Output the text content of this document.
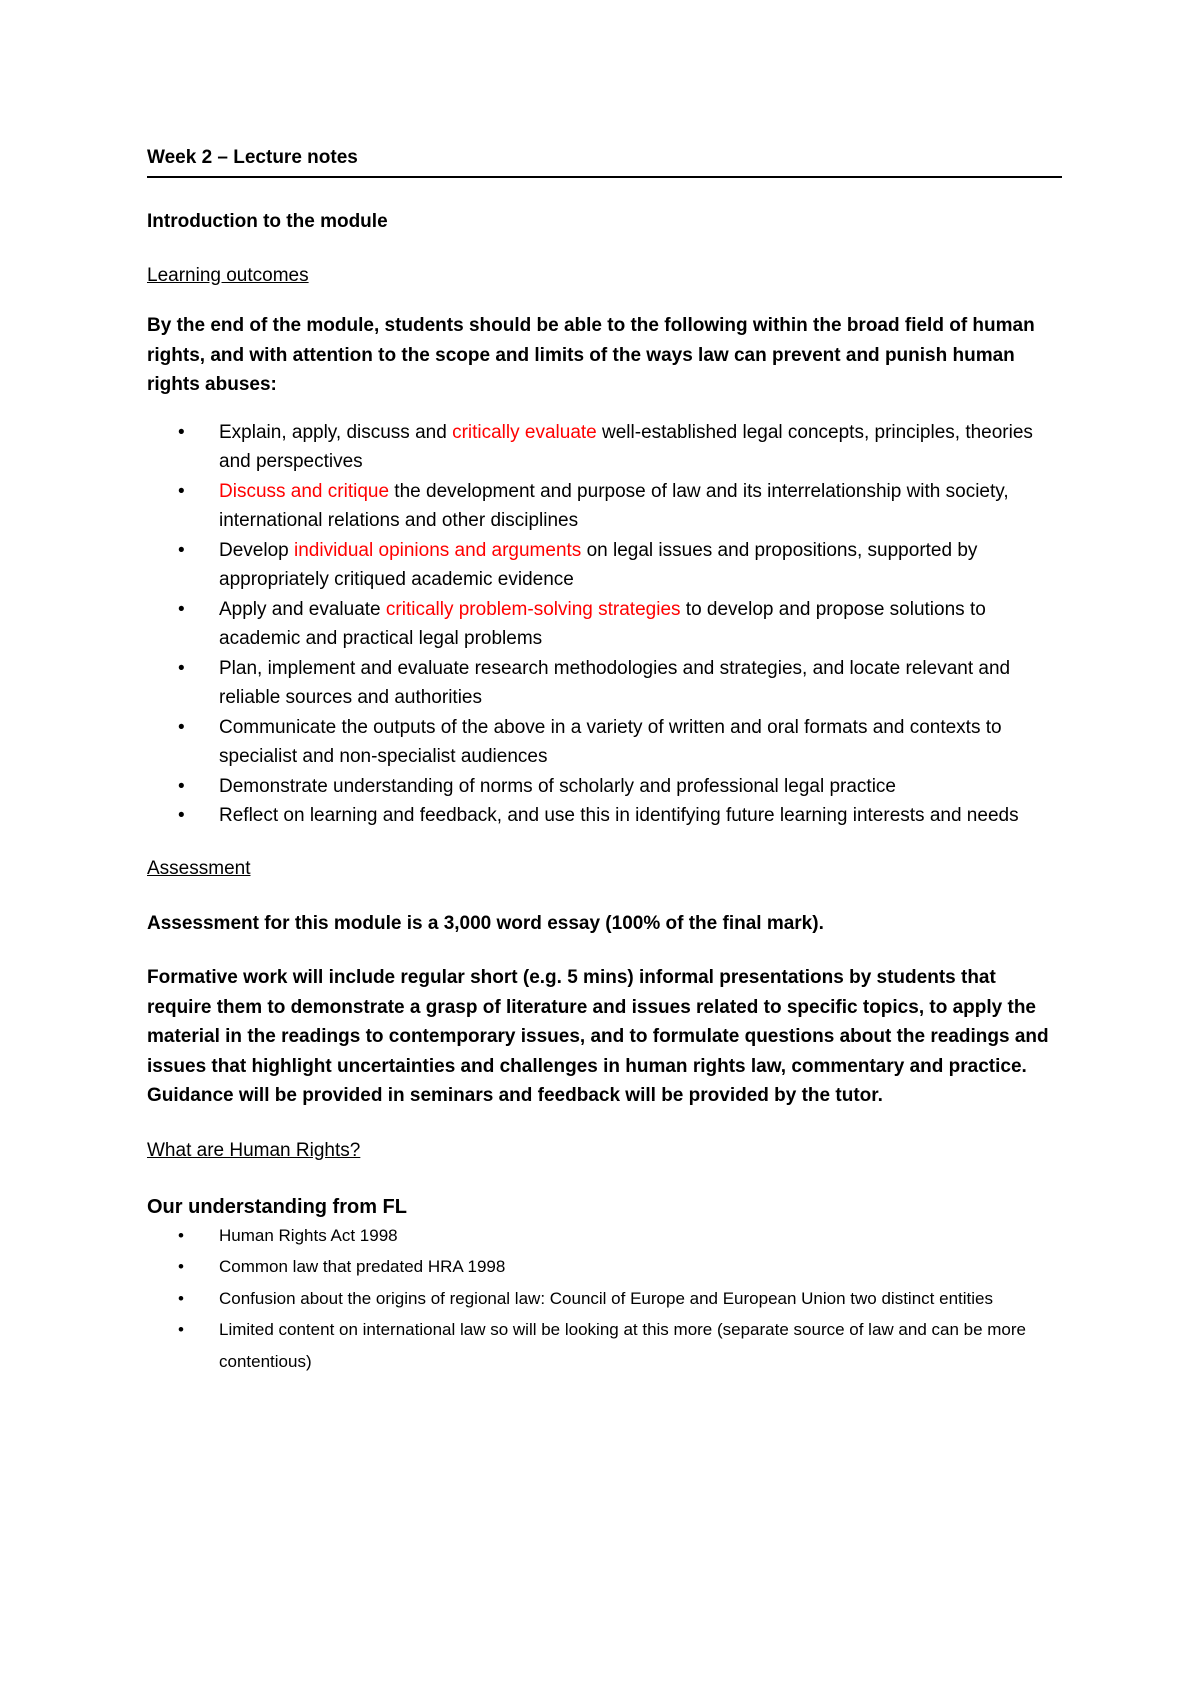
Week 2 – Lecture notes

Introduction to the module

Learning outcomes

By the end of the module, students should be able to the following within the broad field of human rights, and with attention to the scope and limits of the ways law can prevent and punish human rights abuses:

• Explain, apply, discuss and critically evaluate well-established legal concepts, principles, theories and perspectives
• Discuss and critique the development and purpose of law and its interrelationship with society, international relations and other disciplines
• Develop individual opinions and arguments on legal issues and propositions, supported by appropriately critiqued academic evidence
• Apply and evaluate critically problem-solving strategies to develop and propose solutions to academic and practical legal problems
• Plan, implement and evaluate research methodologies and strategies, and locate relevant and reliable sources and authorities
• Communicate the outputs of the above in a variety of written and oral formats and contexts to specialist and non-specialist audiences
• Demonstrate understanding of norms of scholarly and professional legal practice
• Reflect on learning and feedback, and use this in identifying future learning interests and needs

Assessment

Assessment for this module is a 3,000 word essay (100% of the final mark).

Formative work will include regular short (e.g. 5 mins) informal presentations by students that require them to demonstrate a grasp of literature and issues related to specific topics, to apply the material in the readings to contemporary issues, and to formulate questions about the readings and issues that highlight uncertainties and challenges in human rights law, commentary and practice. Guidance will be provided in seminars and feedback will be provided by the tutor.

What are Human Rights?

Our understanding from FL

• Human Rights Act 1998
• Common law that predated HRA 1998
• Confusion about the origins of regional law: Council of Europe and European Union two distinct entities
• Limited content on international law so will be looking at this more (separate source of law and can be more contentious)
